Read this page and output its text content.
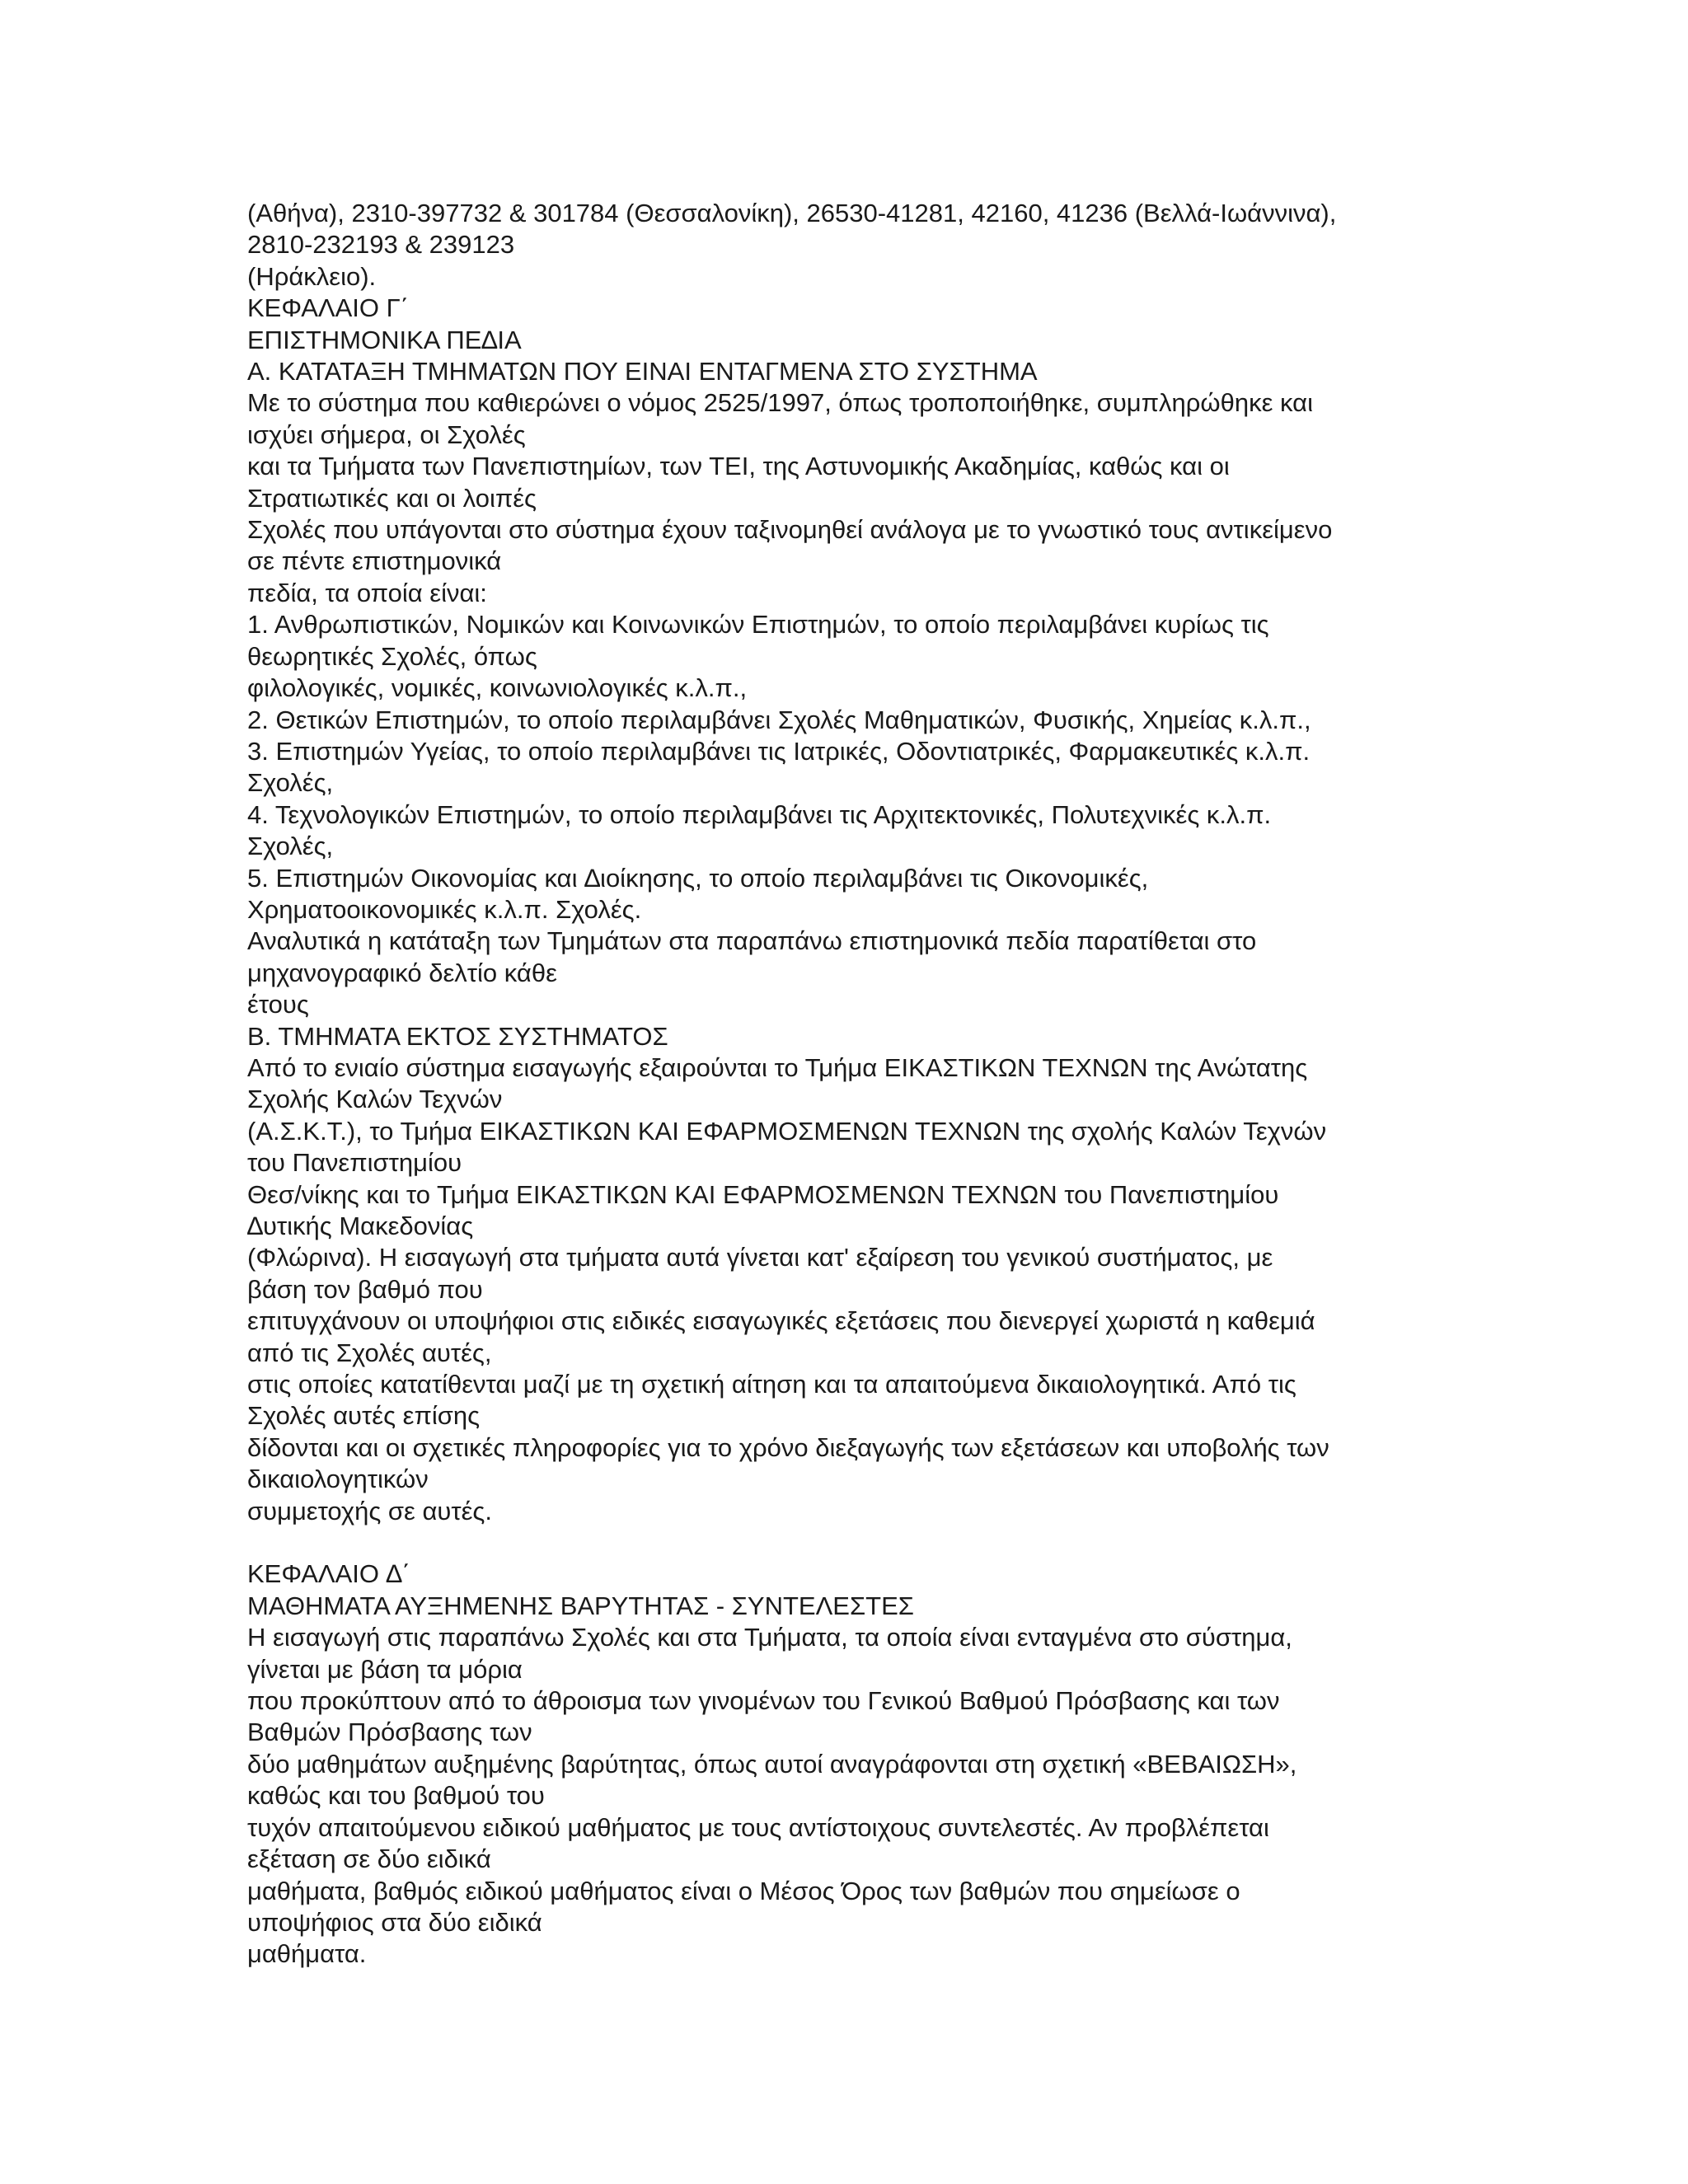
(Αθήνα), 2310-397732 & 301784 (Θεσσαλονίκη), 26530-41281, 42160, 41236 (Βελλά-Ιωάννινα),
2810-232193 & 239123
(Ηράκλειο).
ΚΕΦΑΛΑΙΟ Γ΄
ΕΠΙΣΤΗΜΟΝΙΚΑ ΠΕ∆ΙΑ
Α. ΚΑΤΑΤΑΞΗ ΤΜΗΜΑΤΩΝ ΠΟΥ ΕΙΝΑΙ ΕΝΤΑΓΜΕΝΑ ΣΤΟ ΣΥΣΤΗΜΑ
Με το σύστημα που καθιερώνει ο νόμος 2525/1997, όπως τροποποιήθηκε, συμπληρώθηκε και
ισχύει σήμερα, οι Σχολές
και τα Τμήματα των Πανεπιστημίων, των ΤΕΙ, της Αστυνομικής Ακαδημίας, καθώς και οι
Στρατιωτικές και οι λοιπές
Σχολές που υπάγονται στο σύστημα έχουν ταξινομηθεί ανάλογα με το γνωστικό τους αντικείμενο
σε πέντε επιστημονικά
πεδία, τα οποία είναι:
1. Ανθρωπιστικών, Νομικών και Κοινωνικών Επιστημών, το οποίο περιλαμβάνει κυρίως τις
θεωρητικές Σχολές, όπως
φιλολογικές, νομικές, κοινωνιολογικές κ.λ.π.,
2. Θετικών Επιστημών, το οποίο περιλαμβάνει Σχολές Μαθηματικών, Φυσικής, Χημείας κ.λ.π.,
3. Επιστημών Υγείας, το οποίο περιλαμβάνει τις Ιατρικές, Οδοντιατρικές, Φαρμακευτικές κ.λ.π.
Σχολές,
4. Τεχνολογικών Επιστημών, το οποίο περιλαμβάνει τις Αρχιτεκτονικές, Πολυτεχνικές κ.λ.π.
Σχολές,
5. Επιστημών Οικονομίας και ∆ιοίκησης, το οποίο περιλαμβάνει τις Οικονομικές,
Χρηματοοικονομικές κ.λ.π. Σχολές.
Αναλυτικά η κατάταξη των Τμημάτων στα παραπάνω επιστημονικά πεδία παρατίθεται στο
μηχανογραφικό δελτίο κάθε
έτους
Β. ΤΜΗΜΑΤΑ ΕΚΤΟΣ ΣΥΣΤΗΜΑΤΟΣ
Από το ενιαίο σύστημα εισαγωγής εξαιρούνται το Τμήμα ΕΙΚΑΣΤΙΚΩΝ ΤΕΧΝΩΝ της Ανώτατης
Σχολής Καλών Τεχνών
(Α.Σ.Κ.Τ.), το Τμήμα ΕΙΚΑΣΤΙΚΩΝ ΚΑΙ ΕΦΑΡΜΟΣΜΕΝΩΝ ΤΕΧΝΩΝ της σχολής Καλών Τεχνών
του Πανεπιστημίου
Θεσ/νίκης και το Τμήμα ΕΙΚΑΣΤΙΚΩΝ ΚΑΙ ΕΦΑΡΜΟΣΜΕΝΩΝ ΤΕΧΝΩΝ του Πανεπιστημίου
∆υτικής Μακεδονίας
(Φλώρινα). Η εισαγωγή στα τμήματα αυτά γίνεται κατ' εξαίρεση του γενικού συστήματος, με
βάση τον βαθμό που
επιτυγχάνουν οι υποψήφιοι στις ειδικές εισαγωγικές εξετάσεις που διενεργεί χωριστά η καθεμιά
από τις Σχολές αυτές,
στις οποίες κατατίθενται μαζί με τη σχετική αίτηση και τα απαιτούμενα δικαιολογητικά. Από τις
Σχολές αυτές επίσης
δίδονται και οι σχετικές πληροφορίες για το χρόνο διεξαγωγής των εξετάσεων και υποβολής των
δικαιολογητικών
συμμετοχής σε αυτές.
ΚΕΦΑΛΑΙΟ ∆΄
ΜΑΘΗΜΑΤΑ ΑΥΞΗΜΕΝΗΣ ΒΑΡΥΤΗΤΑΣ - ΣΥΝΤΕΛΕΣΤΕΣ
Η εισαγωγή στις παραπάνω Σχολές και στα Τμήματα, τα οποία είναι ενταγμένα στο σύστημα,
γίνεται με βάση τα μόρια
που προκύπτουν από το άθροισμα των γινομένων του Γενικού Βαθμού Πρόσβασης και των
Βαθμών Πρόσβασης των
δύο μαθημάτων αυξημένης βαρύτητας, όπως αυτοί αναγράφονται στη σχετική «ΒΕΒΑΙΩΣΗ»,
καθώς και του βαθμού του
τυχόν απαιτούμενου ειδικού μαθήματος με τους αντίστοιχους συντελεστές. Αν προβλέπεται
εξέταση σε δύο ειδικά
μαθήματα, βαθμός ειδικού μαθήματος είναι ο Μέσος Όρος των βαθμών που σημείωσε ο
υποψήφιος στα δύο ειδικά
μαθήματα.
